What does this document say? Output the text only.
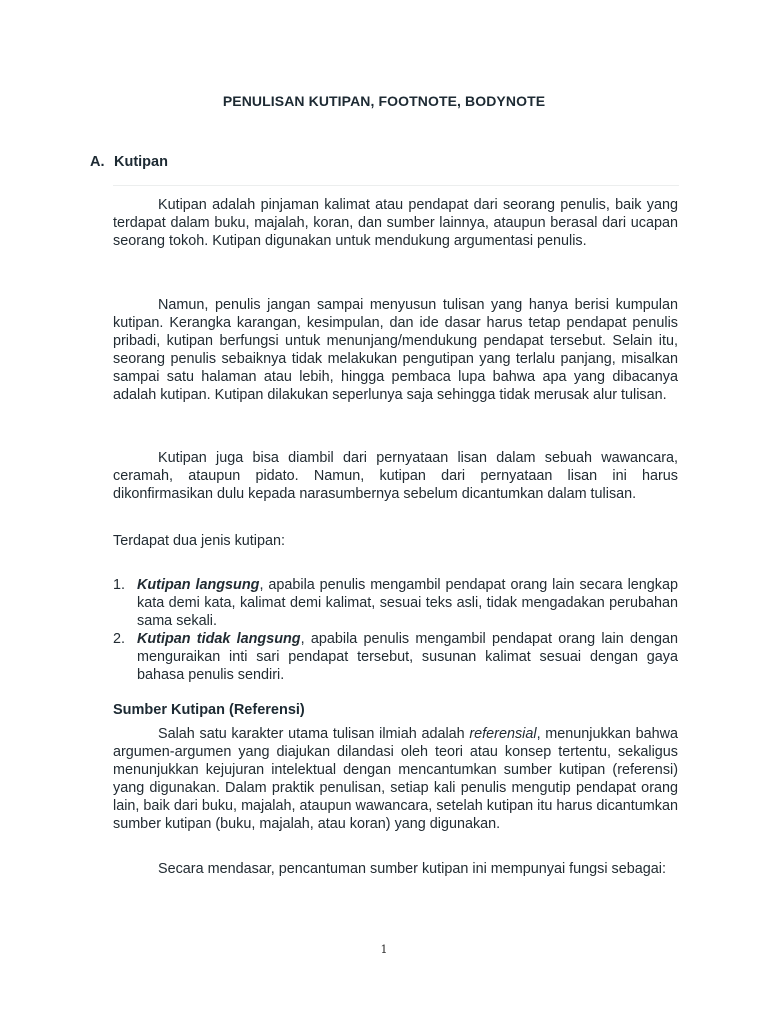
PENULISAN KUTIPAN, FOOTNOTE, BODYNOTE
A. Kutipan

Kutipan adalah pinjaman kalimat atau pendapat dari seorang penulis, baik yang terdapat dalam buku, majalah, koran, dan sumber lainnya, ataupun berasal dari ucapan seorang tokoh. Kutipan digunakan untuk mendukung argumentasi penulis.

Namun, penulis jangan sampai menyusun tulisan yang hanya berisi kumpulan kutipan. Kerangka karangan, kesimpulan, dan ide dasar harus tetap pendapat penulis pribadi, kutipan berfungsi untuk menunjang/mendukung pendapat tersebut. Selain itu, seorang penulis sebaiknya tidak melakukan pengutipan yang terlalu panjang, misalkan sampai satu halaman atau lebih, hingga pembaca lupa bahwa apa yang dibacanya adalah kutipan. Kutipan dilakukan seperlunya saja sehingga tidak merusak alur tulisan.

Kutipan juga bisa diambil dari pernyataan lisan dalam sebuah wawancara, ceramah, ataupun pidato. Namun, kutipan dari pernyataan lisan ini harus dikonfirmasikan dulu kepada narasumbernya sebelum dicantumkan dalam tulisan.

Terdapat dua jenis kutipan:

1. Kutipan langsung, apabila penulis mengambil pendapat orang lain secara lengkap kata demi kata, kalimat demi kalimat, sesuai teks asli, tidak mengadakan perubahan sama sekali.
2. Kutipan tidak langsung, apabila penulis mengambil pendapat orang lain dengan menguraikan inti sari pendapat tersebut, susunan kalimat sesuai dengan gaya bahasa penulis sendiri.
Sumber Kutipan (Referensi)

Salah satu karakter utama tulisan ilmiah adalah referensial, menunjukkan bahwa argumen-argumen yang diajukan dilandasi oleh teori atau konsep tertentu, sekaligus menunjukkan kejujuran intelektual dengan mencantumkan sumber kutipan (referensi) yang digunakan. Dalam praktik penulisan, setiap kali penulis mengutip pendapat orang lain, baik dari buku, majalah, ataupun wawancara, setelah kutipan itu harus dicantumkan sumber kutipan (buku, majalah, atau koran) yang digunakan.

Secara mendasar, pencantuman sumber kutipan ini mempunyai fungsi sebagai:

1
